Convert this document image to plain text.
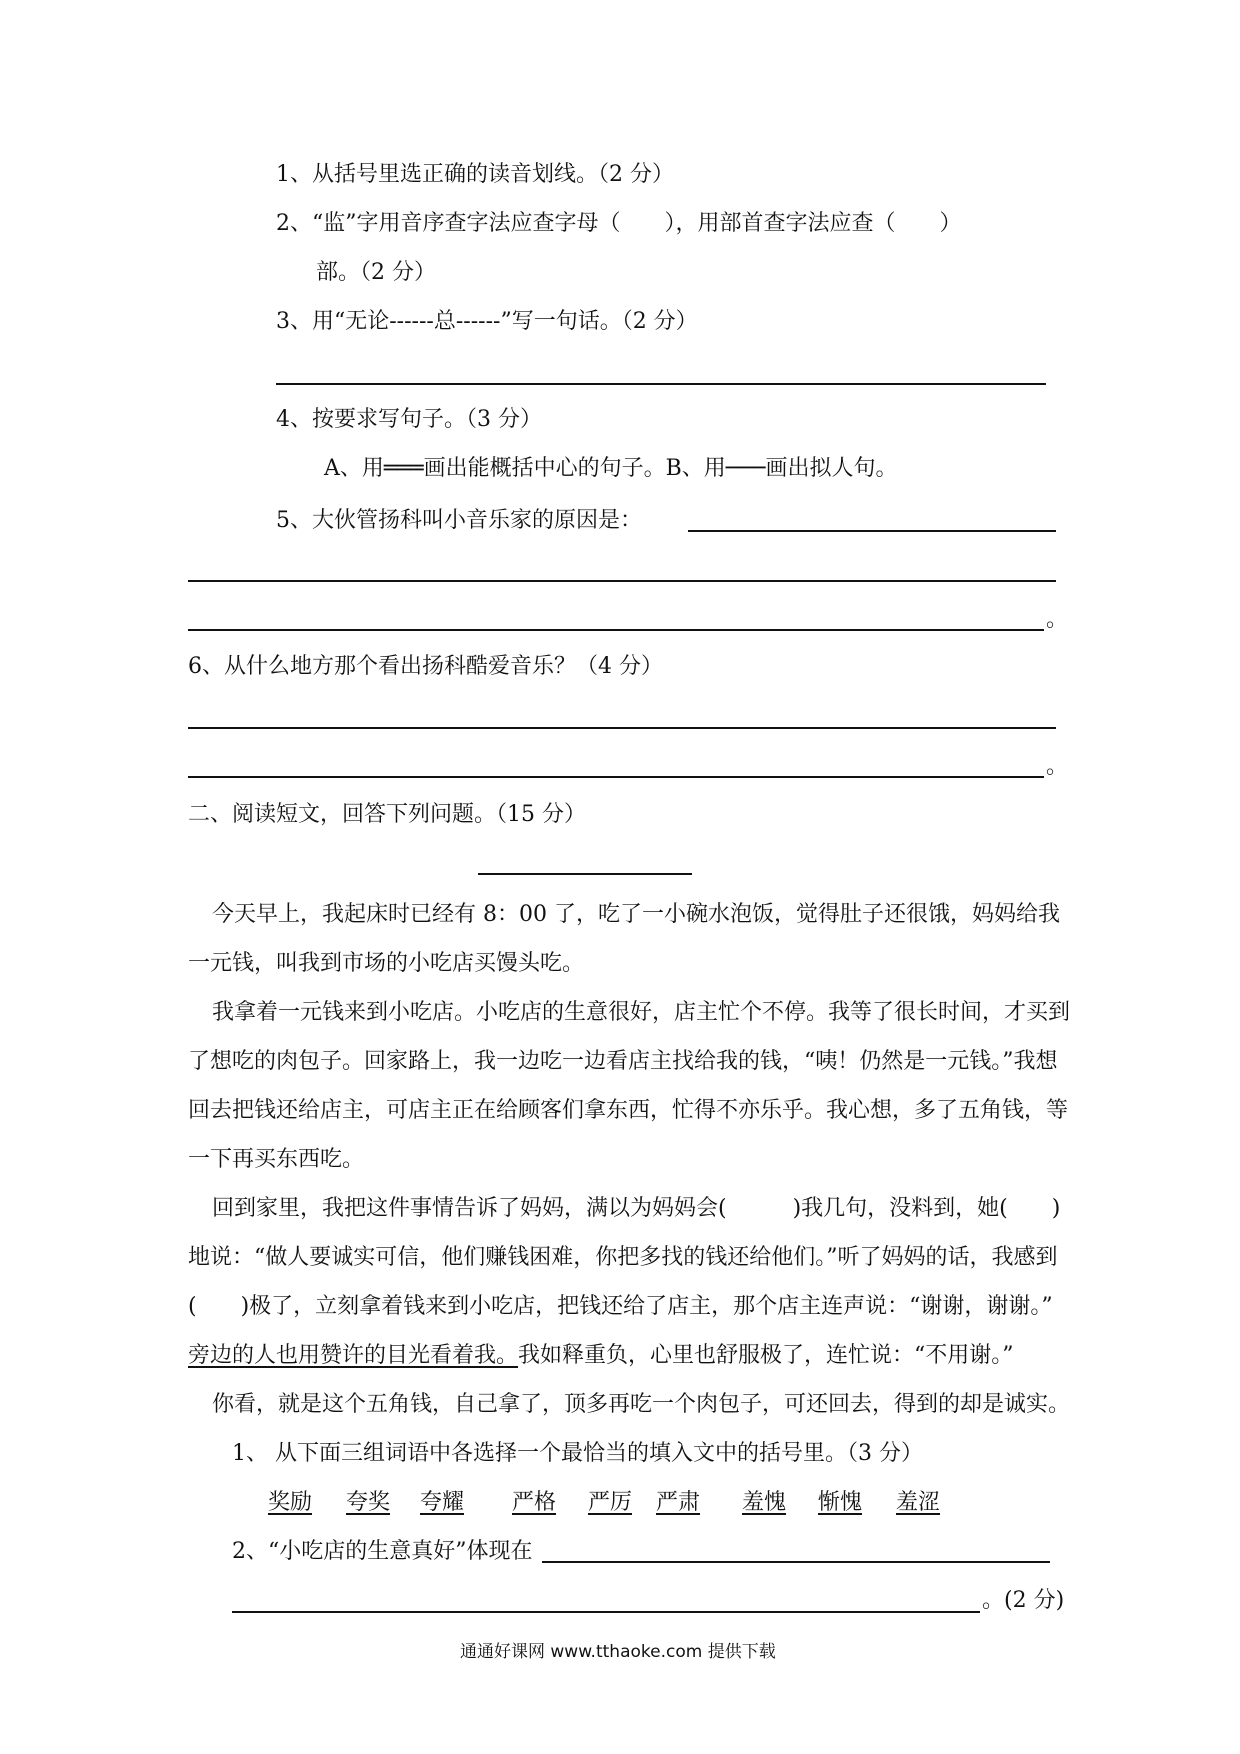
1、从括号里选正确的读音划线。（2 分）
2、“监”字用音序查字法应查字母（　　），用部首查字法应查（　　）
部。（2 分）
3、用“无论------总------”写一句话。（2 分）
4、按要求写句子。（3 分）
A、用═══画出能概括中心的句子。B、用───画出拟人句。
5、大伙管扬科叫小音乐家的原因是：
。
6、从什么地方那个看出扬科酷爱音乐？（4 分）
。
二、阅读短文，回答下列问题。（15 分）
今天早上，我起床时已经有 8：00 了，吃了一小碗水泡饭，觉得肚子还很饿，妈妈给我
一元钱，叫我到市场的小吃店买馒头吃。
我拿着一元钱来到小吃店。小吃店的生意很好，店主忙个不停。我等了很长时间，才买到
了想吃的肉包子。回家路上，我一边吃一边看店主找给我的钱，“咦！仍然是一元钱。”我想
回去把钱还给店主，可店主正在给顾客们拿东西，忙得不亦乐乎。我心想，多了五角钱，等
一下再买东西吃。
回到家里，我把这件事情告诉了妈妈，满以为妈妈会(　　　)我几句，没料到，她(　　)
地说：“做人要诚实可信，他们赚钱困难，你把多找的钱还给他们。”听了妈妈的话，我感到
(　　)极了，立刻拿着钱来到小吃店，把钱还给了店主，那个店主连声说：“谢谢，谢谢。”
旁边的人也用赞许的目光看着我。我如释重负，心里也舒服极了，连忙说：“不用谢。”
你看，就是这个五角钱，自己拿了，顶多再吃一个肉包子，可还回去，得到的却是诚实。
1、 从下面三组词语中各选择一个最恰当的填入文中的括号里。（3 分）
奖励 夸奖 夸耀 严格 严厉 严肃 羞愧 惭愧 羞涩
2、“小吃店的生意真好”体现在
。(2 分)
通通好课网 www.tthaoke.com 提供下载
